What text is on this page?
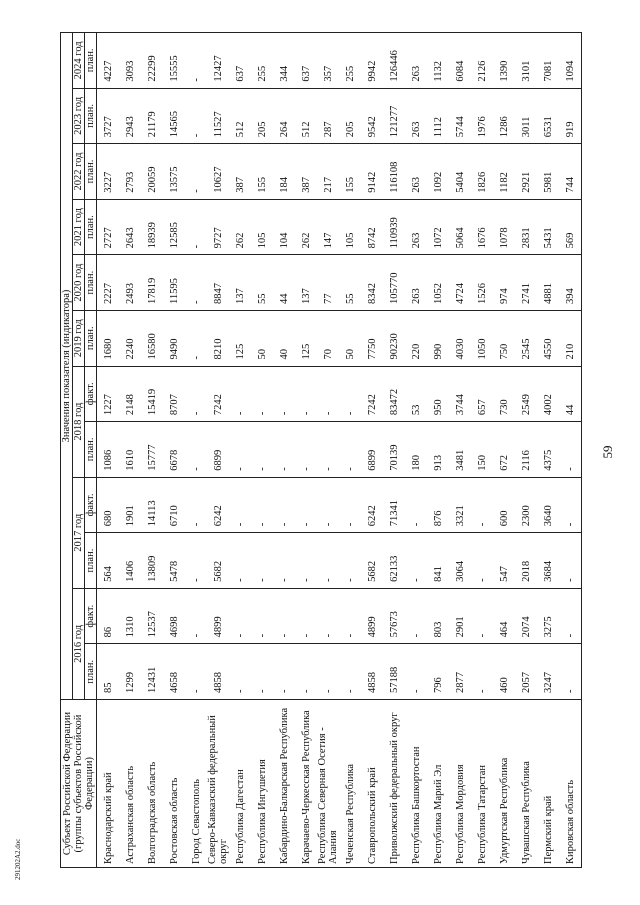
59
291202A2.doc
Субъект Российской Федерации (группы субъектов Российской Федерации)	Значения показателя (индикатора)											
	2016 год		2017 год		2018 год		2019 год	2020 год	2021 год	2022 год	2023 год	2024 год
	план.	факт.	план.	факт.	план.	факт.	план.	план.	план.	план.	план.	план.
Краснодарский край	85	86	564	680	1086	1227	1680	2227	2727	3227	3727	4227
Астраханская область	1299	1310	1406	1901	1610	2148	2240	2493	2643	2793	2943	3093
Волгоградская область	12431	12537	13809	14113	15777	15419	16580	17819	18939	20059	21179	22299
Ростовская область	4658	4698	5478	6710	6678	8707	9490	11595	12585	13575	14565	15555
Город Севастополь	-	-	-	-	-	-	-	-	-	-	-	-
Северо-Кавказский федеральный округ	4858	4899	5682	6242	6899	7242	8210	8847	9727	10627	11527	12427
Республика Дагестан	-	-	-	-	-	-	125	137	262	387	512	637
Республика Ингушетия	-	-	-	-	-	-	50	55	105	155	205	255
Кабардино-Балкарская Республика	-	-	-	-	-	-	40	44	104	184	264	344
Карачаево-Черкесская Республика	-	-	-	-	-	-	125	137	262	387	512	637
Республика Северная Осетия - Алания	-	-	-	-	-	-	70	77	147	217	287	357
Чеченская Республика	-	-	-	-	-	-	50	55	105	155	205	255
Ставропольский край	4858	4899	5682	6242	6899	7242	7750	8342	8742	9142	9542	9942
Приволжский федеральный округ	57188	57673	62133	71341	70139	83472	90230	105770	110939	116108	121277	126446
Республика Башкортостан	-	-	-	-	180	53	220	263	263	263	263	263
Республика Марий Эл	796	803	841	876	913	950	990	1052	1072	1092	1112	1132
Республика Мордовия	2877	2901	3064	3321	3481	3744	4030	4724	5064	5404	5744	6084
Республика Татарстан	-	-	-	-	150	657	1050	1526	1676	1826	1976	2126
Удмуртская Республика	460	464	547	600	672	730	750	974	1078	1182	1286	1390
Чувашская Республика	2057	2074	2018	2300	2116	2549	2545	2741	2831	2921	3011	3101
Пермский край	3247	3275	3684	3640	4375	4002	4550	4881	5431	5981	6531	7081
Кировская область	-	-	-	-	-	44	210	394	569	744	919	1094
